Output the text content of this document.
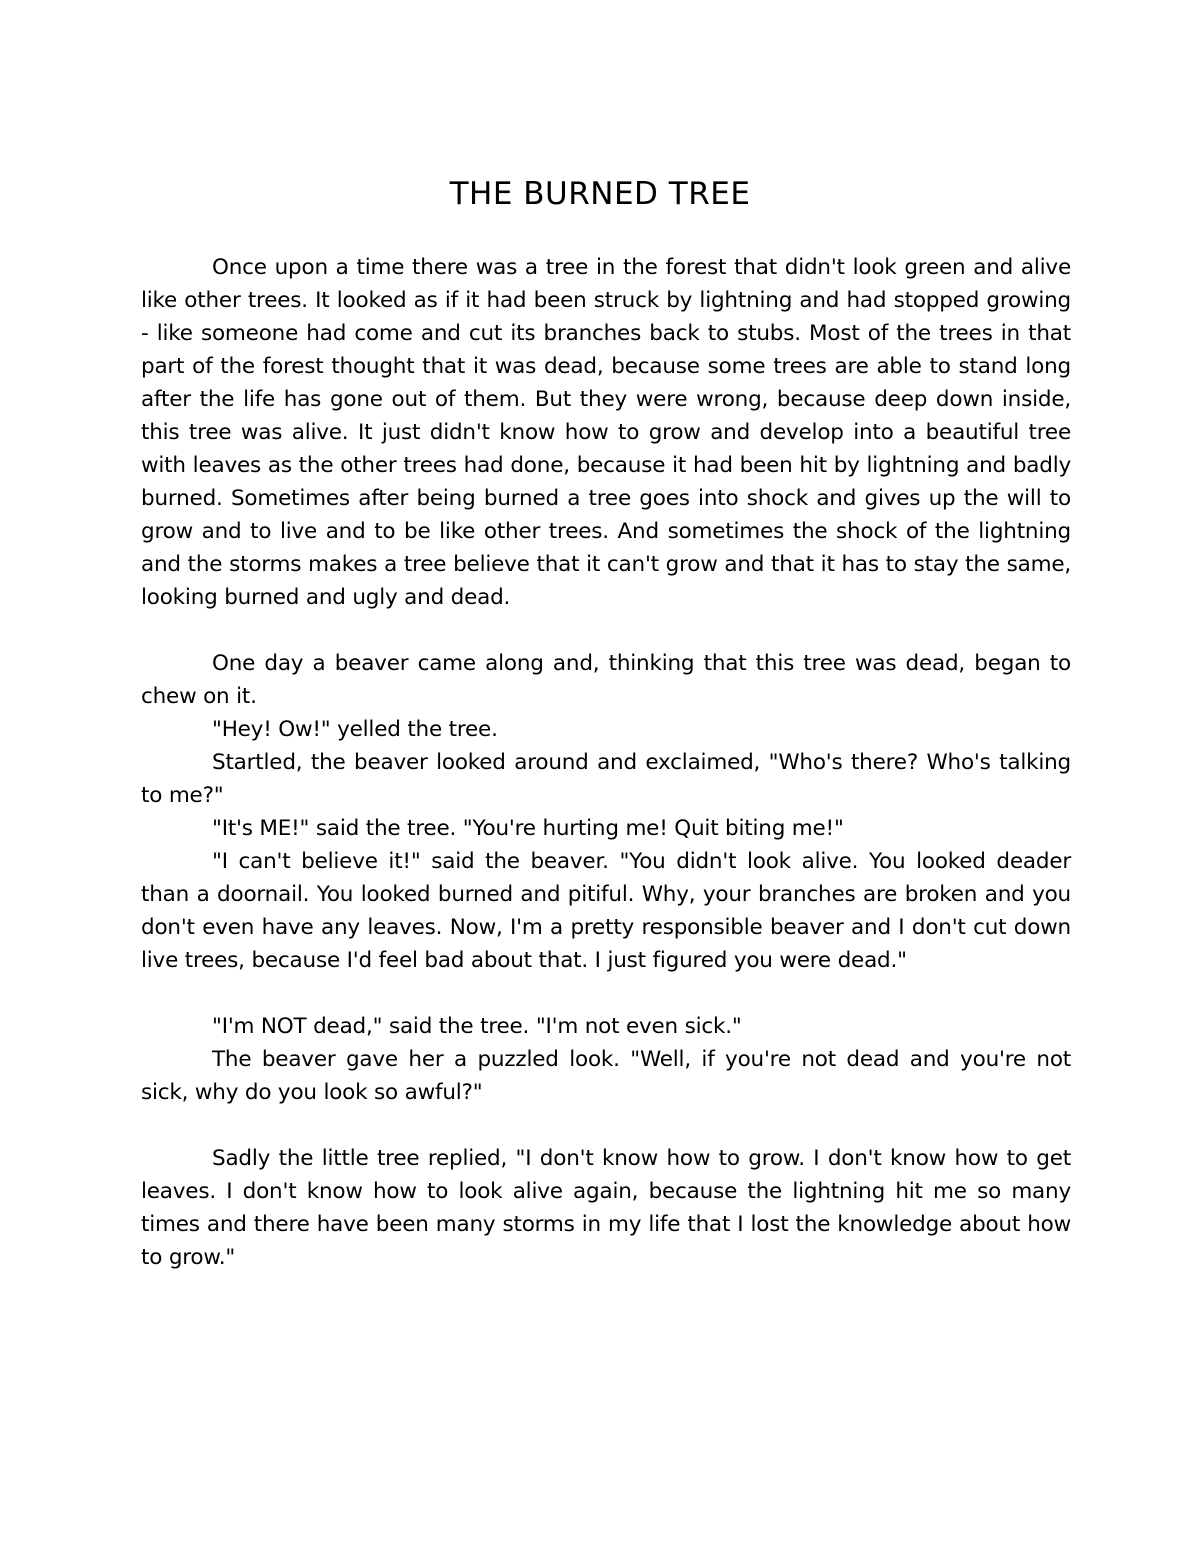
THE BURNED TREE

Once upon a time there was a tree in the forest that didn't look green and alive like other trees. It looked as if it had been struck by lightning and had stopped growing - like someone had come and cut its branches back to stubs. Most of the trees in that part of the forest thought that it was dead, because some trees are able to stand long after the life has gone out of them. But they were wrong, because deep down inside, this tree was alive. It just didn't know how to grow and develop into a beautiful tree with leaves as the other trees had done, because it had been hit by lightning and badly burned. Sometimes after being burned a tree goes into shock and gives up the will to grow and to live and to be like other trees. And sometimes the shock of the lightning and the storms makes a tree believe that it can't grow and that it has to stay the same, looking burned and ugly and dead.

One day a beaver came along and, thinking that this tree was dead, began to chew on it.

"Hey! Ow!" yelled the tree.

Startled, the beaver looked around and exclaimed, "Who's there? Who's talking to me?"

"It's ME!" said the tree. "You're hurting me! Quit biting me!"

"I can't believe it!" said the beaver. "You didn't look alive. You looked deader than a doornail. You looked burned and pitiful. Why, your branches are broken and you don't even have any leaves. Now, I'm a pretty responsible beaver and I don't cut down live trees, because I'd feel bad about that. I just figured you were dead."

"I'm NOT dead," said the tree. "I'm not even sick."

The beaver gave her a puzzled look. "Well, if you're not dead and you're not sick, why do you look so awful?"

Sadly the little tree replied, "I don't know how to grow. I don't know how to get leaves. I don't know how to look alive again, because the lightning hit me so many times and there have been many storms in my life that I lost the knowledge about how to grow."
